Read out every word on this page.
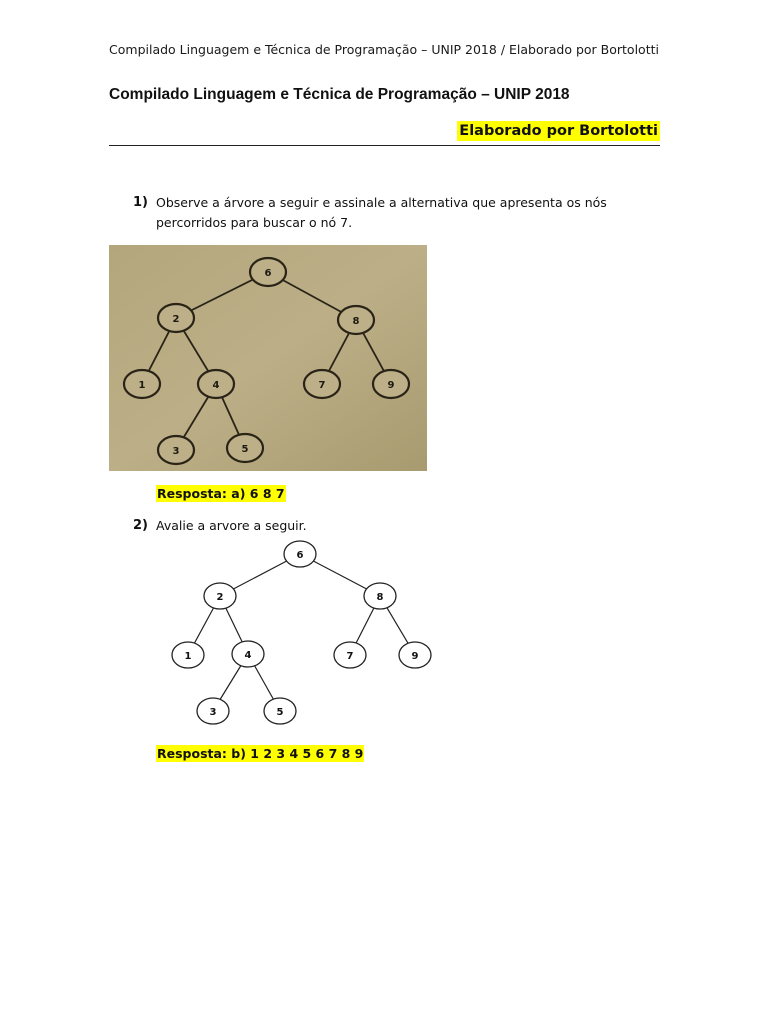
Compilado Linguagem e Técnica de Programação – UNIP 2018 / Elaborado por Bortolotti
Compilado Linguagem e Técnica de Programação – UNIP 2018
Elaborado por Bortolotti
1) Observe a árvore a seguir e assinale a alternativa que apresenta os nós percorridos para buscar o nó 7.
6
2	8
1	4	7	9
3	5
Resposta: a) 6 8 7
2) Avalie a arvore a seguir.
6
2	8
1	4	7	9
3	5
Resposta: b) 1 2 3 4 5 6 7 8 9
